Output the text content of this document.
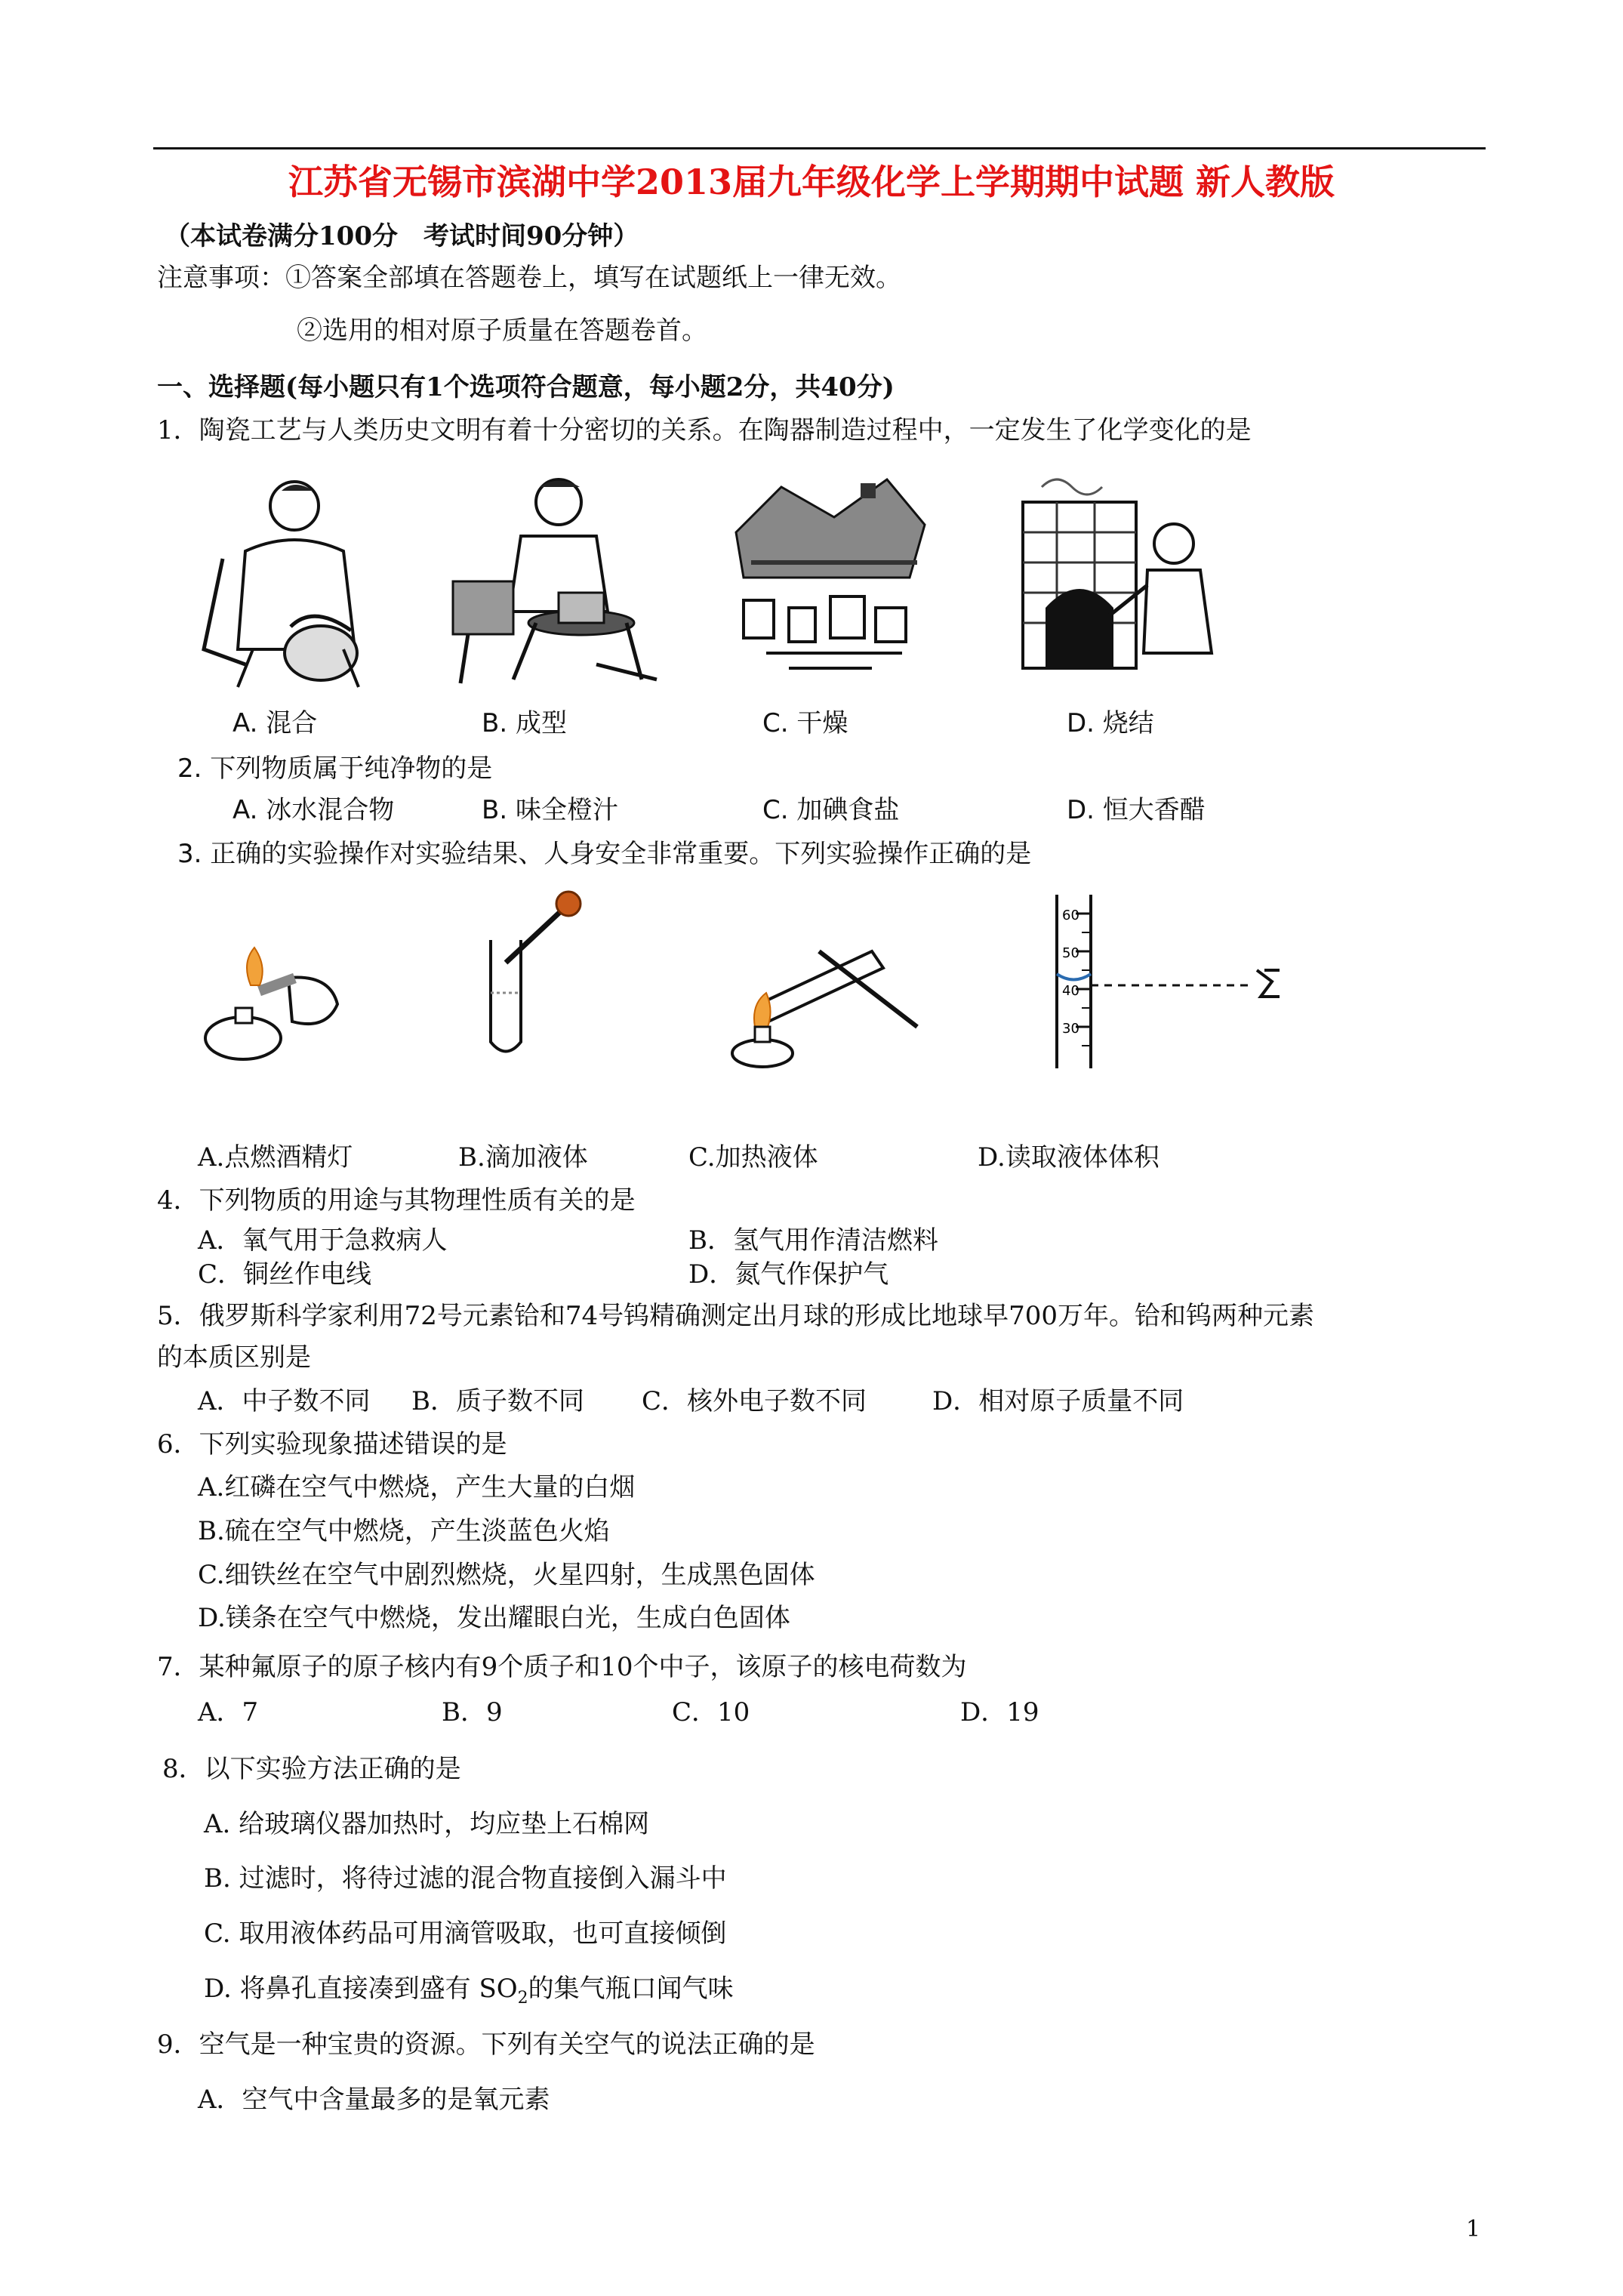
江苏省无锡市滨湖中学2013届九年级化学上学期期中试题 新人教版
（本试卷满分100分　考试时间90分钟）
注意事项：①答案全部填在答题卷上，填写在试题纸上一律无效。
②选用的相对原子质量在答题卷首。
一、选择题(每小题只有1个选项符合题意，每小题2分，共40分)
1．陶瓷工艺与人类历史文明有着十分密切的关系。在陶器制造过程中，一定发生了化学变化的是
A. 混合	B. 成型	C. 干燥	D. 烧结
2. 下列物质属于纯净物的是
A. 冰水混合物	B. 味全橙汁	C. 加碘食盐	D. 恒大香醋
3. 正确的实验操作对实验结果、人身安全非常重要。下列实验操作正确的是
60
50
40
30
A.点燃酒精灯	B.滴加液体	C.加热液体	D.读取液体体积
4．下列物质的用途与其物理性质有关的是
A．氧气用于急救病人	B．氢气用作清洁燃料
C．铜丝作电线	D．氮气作保护气
5．俄罗斯科学家利用72号元素铪和74号钨精确测定出月球的形成比地球早700万年。铪和钨两种元素
的本质区别是
A．中子数不同 B．质子数不同 C．核外电子数不同	D．相对原子质量不同
6．下列实验现象描述错误的是
A.红磷在空气中燃烧，产生大量的白烟
B.硫在空气中燃烧，产生淡蓝色火焰
C.细铁丝在空气中剧烈燃烧，火星四射，生成黑色固体
D.镁条在空气中燃烧，发出耀眼白光，生成白色固体
7．某种氟原子的原子核内有9个质子和10个中子，该原子的核电荷数为
A．7	B．9	C．10	D．19
8．以下实验方法正确的是
A. 给玻璃仪器加热时，均应垫上石棉网
B. 过滤时，将待过滤的混合物直接倒入漏斗中
C. 取用液体药品可用滴管吸取，也可直接倾倒
D. 将鼻孔直接凑到盛有 $SO_2$的集气瓶口闻气味
9．空气是一种宝贵的资源。下列有关空气的说法正确的是
A．空气中含量最多的是氧元素
1
